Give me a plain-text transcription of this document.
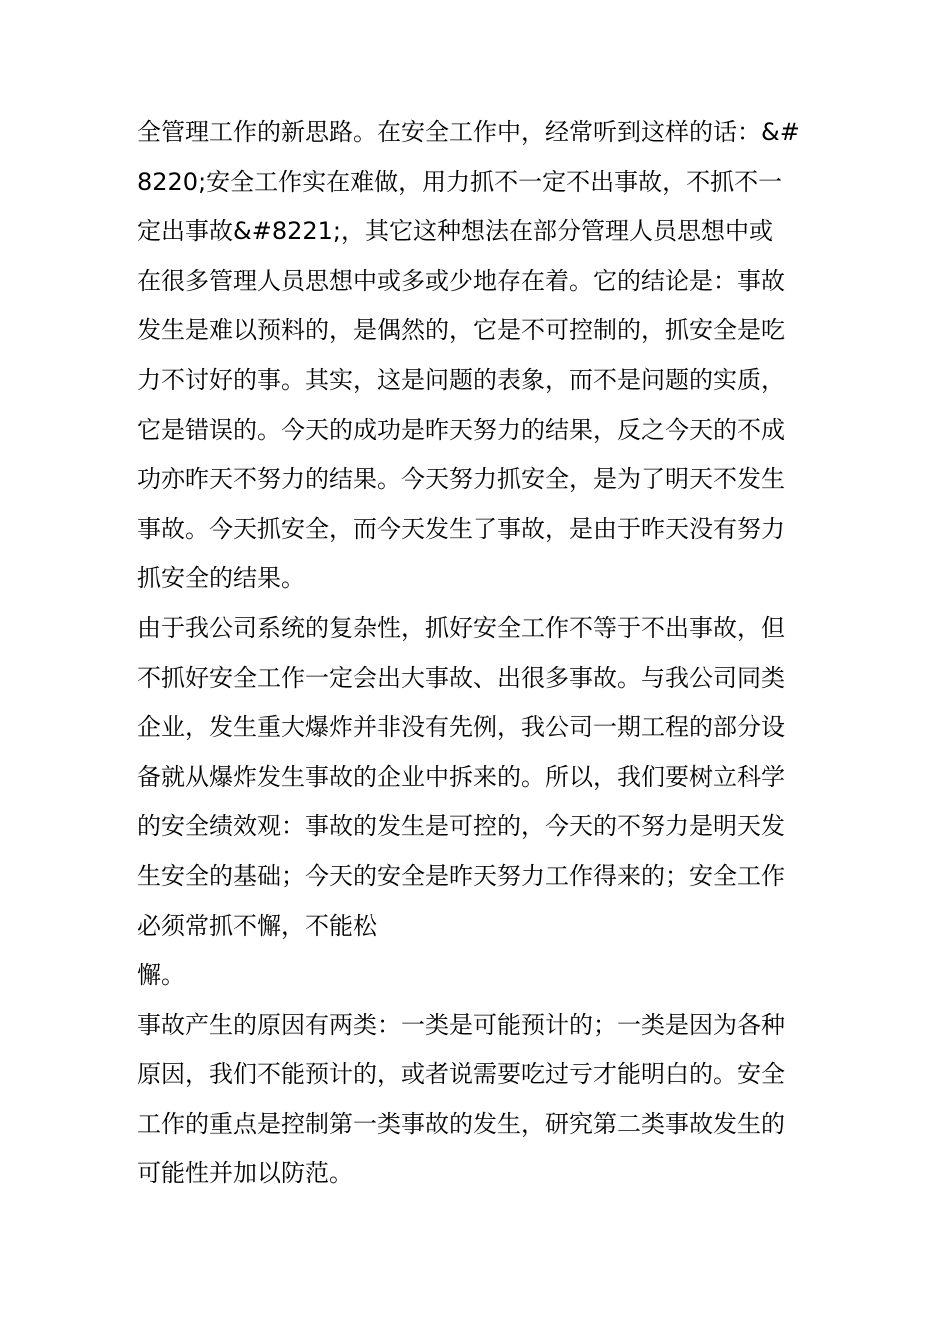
全管理工作的新思路。在安全工作中，经常听到这样的话：&#
8220;安全工作实在难做，用力抓不一定不出事故，不抓不一
定出事故&#8221;，其它这种想法在部分管理人员思想中或
在很多管理人员思想中或多或少地存在着。它的结论是：事故
发生是难以预料的，是偶然的，它是不可控制的，抓安全是吃
力不讨好的事。其实，这是问题的表象，而不是问题的实质，
它是错误的。今天的成功是昨天努力的结果，反之今天的不成
功亦昨天不努力的结果。今天努力抓安全，是为了明天不发生
事故。今天抓安全，而今天发生了事故，是由于昨天没有努力
抓安全的结果。
由于我公司系统的复杂性，抓好安全工作不等于不出事故，但
不抓好安全工作一定会出大事故、出很多事故。与我公司同类
企业，发生重大爆炸并非没有先例，我公司一期工程的部分设
备就从爆炸发生事故的企业中拆来的。所以，我们要树立科学
的安全绩效观：事故的发生是可控的，今天的不努力是明天发
生安全的基础；今天的安全是昨天努力工作得来的；安全工作
必须常抓不懈，不能松
懈。
事故产生的原因有两类：一类是可能预计的；一类是因为各种
原因，我们不能预计的，或者说需要吃过亏才能明白的。安全
工作的重点是控制第一类事故的发生，研究第二类事故发生的
可能性并加以防范。
